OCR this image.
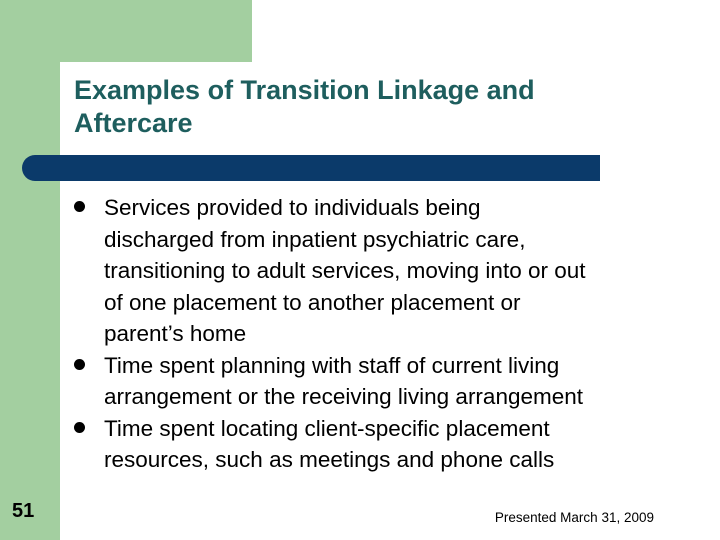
Examples of Transition Linkage and
Aftercare
Services provided to individuals being
discharged from inpatient psychiatric care,
transitioning to adult services, moving into or out
of one placement to another placement or
parent’s home
Time spent planning with staff of current living
arrangement or the receiving living arrangement
Time spent locating client-specific placement
resources, such as meetings and phone calls
51	Presented March 31, 2009
